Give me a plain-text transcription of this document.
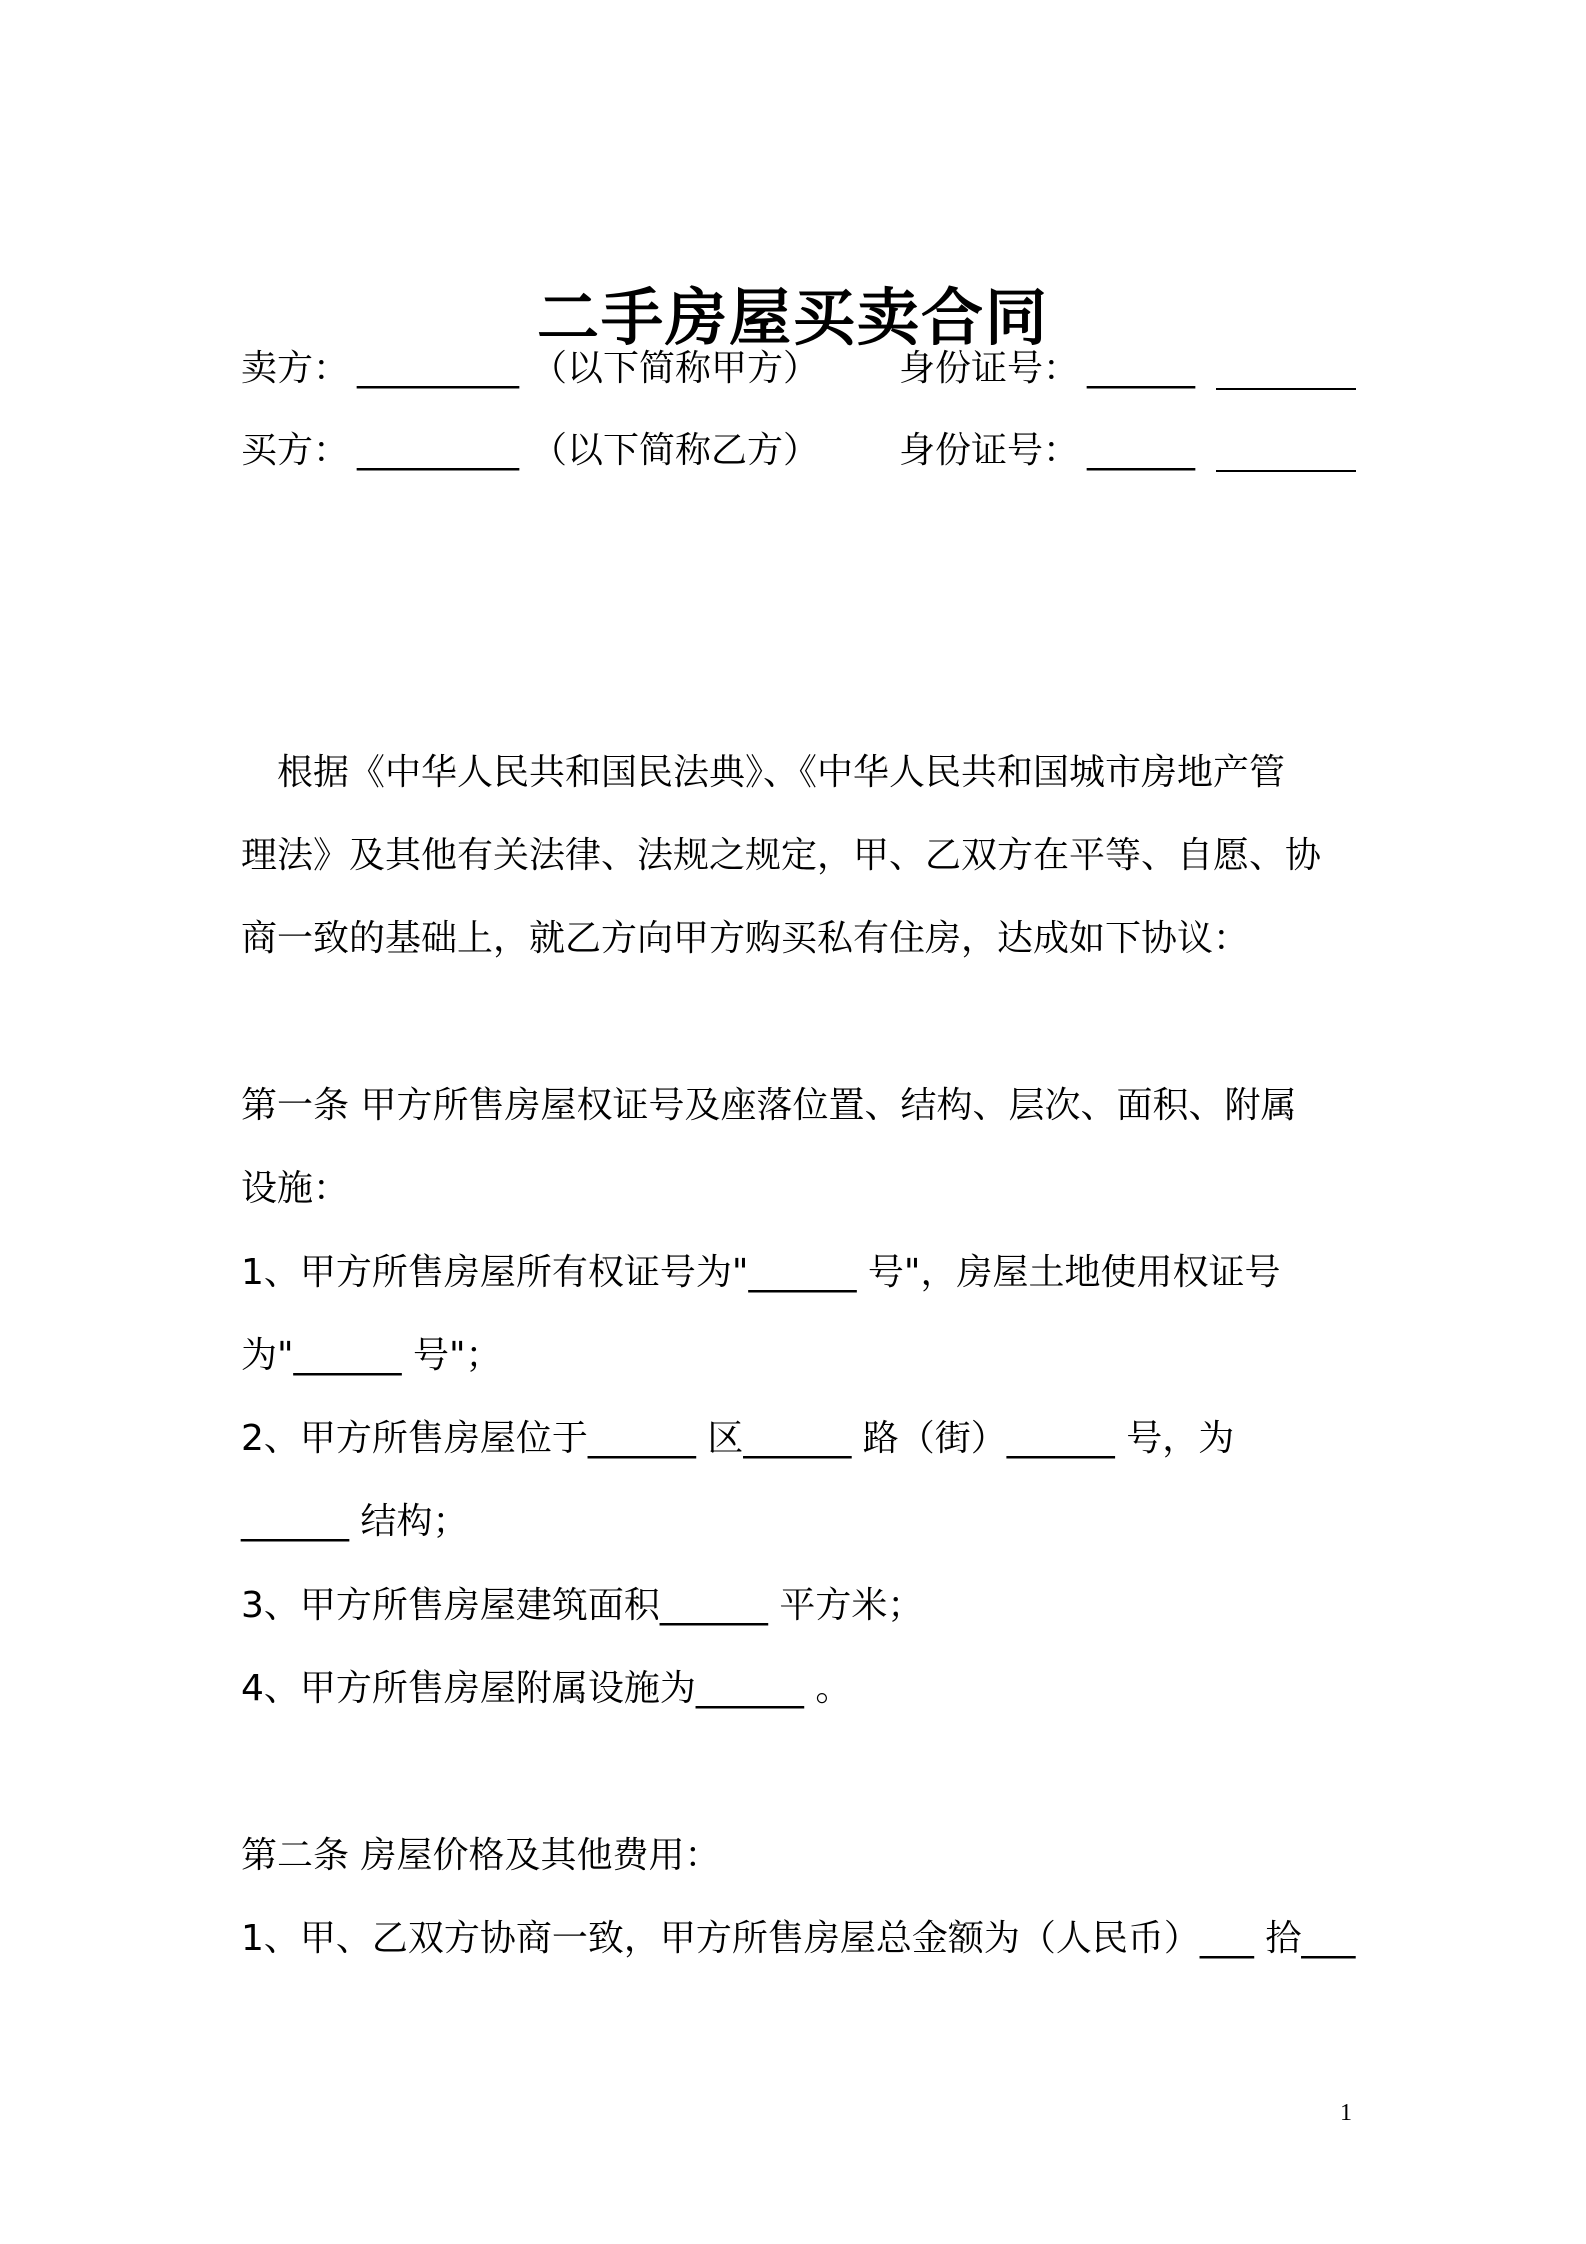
二手房屋买卖合同
卖方： _________ （以下简称甲方） 身份证号： ______
买方： _________ （以下简称乙方） 身份证号： ______
根据《中华人民共和国民法典》、《中华人民共和国城市房地产管
理法》及其他有关法律、法规之规定，甲、乙双方在平等、自愿、协
商一致的基础上，就乙方向甲方购买私有住房，达成如下协议：
第一条 甲方所售房屋权证号及座落位置、结构、层次、面积、附属
设施：
1、甲方所售房屋所有权证号为"______ 号"，房屋土地使用权证号
为"______ 号"；
2、甲方所售房屋位于______ 区______ 路（街）______ 号，为
______ 结构；
3、甲方所售房屋建筑面积______ 平方米；
4、甲方所售房屋附属设施为______ 。
第二条 房屋价格及其他费用：
1、甲、乙双方协商一致，甲方所售房屋总金额为（人民币）___ 拾___
1
